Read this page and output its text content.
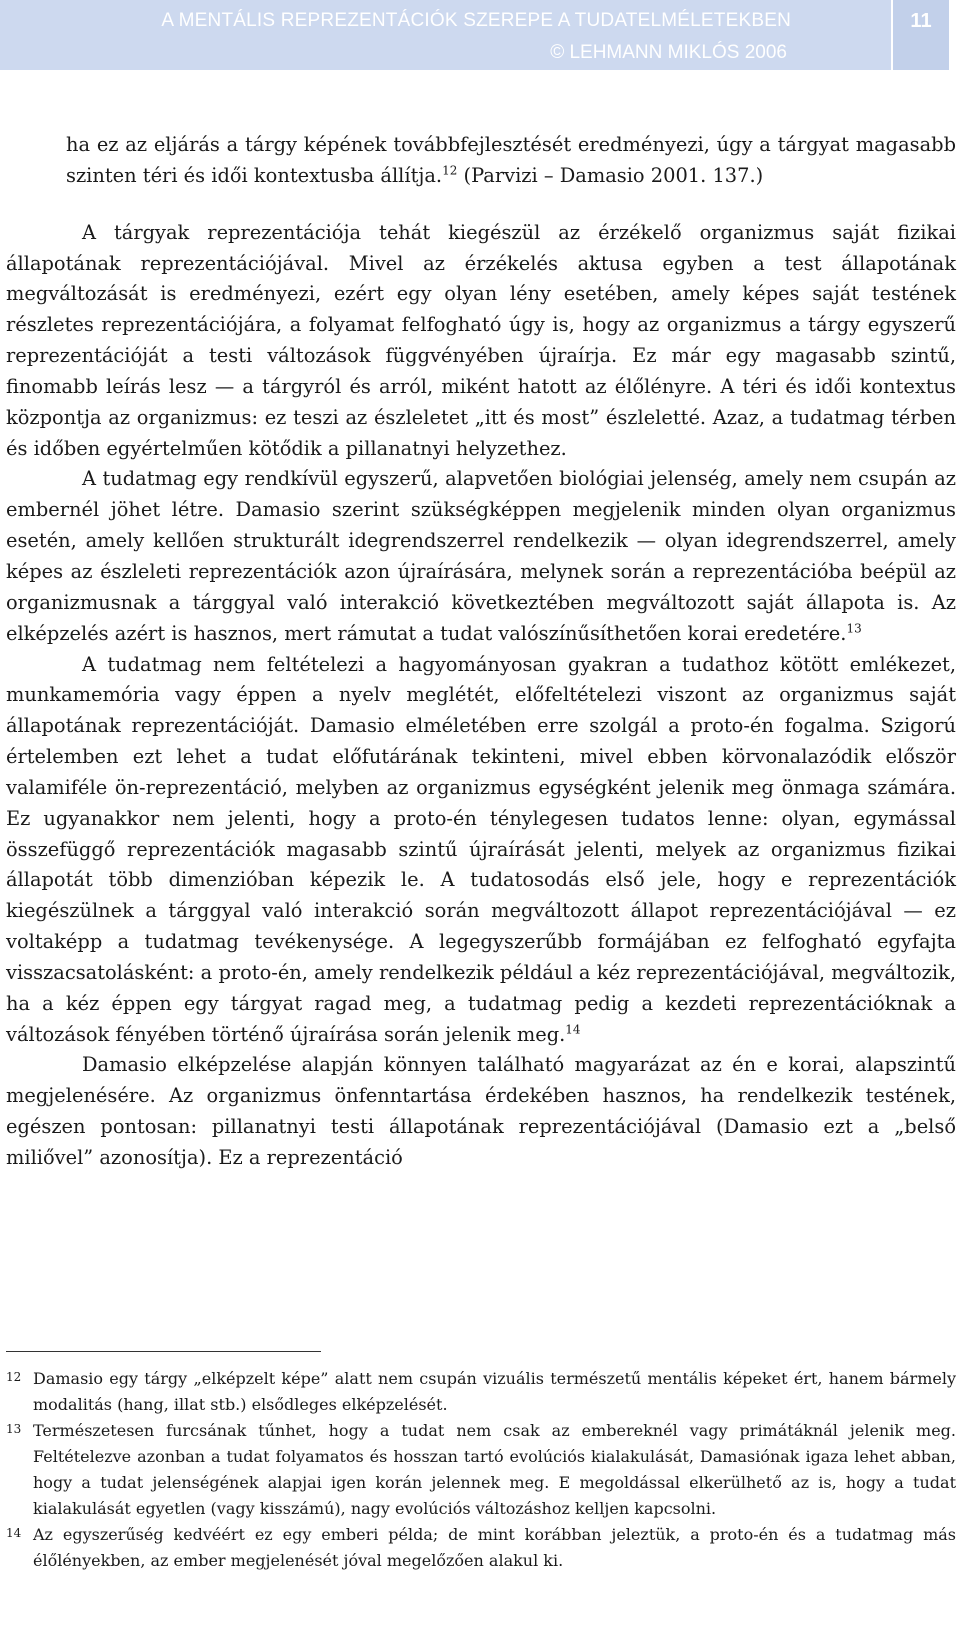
A MENTÁLIS REPREZENTÁCIÓK SZEREPE A TUDATELMÉLETEKBEN
© LEHMANN MIKLÓS 2006
11

ha ez az eljárás a tárgy képének továbbfejlesztését eredményezi, úgy a tárgyat magasabb szinten téri és idői kontextusba állítja.$^{12}$ (Parvizi – Damasio 2001. 137.)

A tárgyak reprezentációja tehát kiegészül az érzékelő organizmus saját fizikai állapotának reprezentációjával. Mivel az érzékelés aktusa egyben a test állapotának megváltozását is eredményezi, ezért egy olyan lény esetében, amely képes saját testének részletes reprezentációjára, a folyamat felfogható úgy is, hogy az organizmus a tárgy egyszerű reprezentációját a testi változások függvényében újraírja. Ez már egy magasabb szintű, finomabb leírás lesz — a tárgyról és arról, miként hatott az élőlényre. A téri és idői kontextus központja az organizmus: ez teszi az észleletet „itt és most” észleletté. Azaz, a tudatmag térben és időben egyértelműen kötődik a pillanatnyi helyzethez.

A tudatmag egy rendkívül egyszerű, alapvetően biológiai jelenség, amely nem csupán az embernél jöhet létre. Damasio szerint szükségképpen megjelenik minden olyan organizmus esetén, amely kellően strukturált idegrendszerrel rendelkezik — olyan idegrendszerrel, amely képes az észleleti reprezentációk azon újraírására, melynek során a reprezentációba beépül az organizmusnak a tárggyal való interakció következtében megváltozott saját állapota is. Az elképzelés azért is hasznos, mert rámutat a tudat valószínűsíthetően korai eredetére.$^{13}$

A tudatmag nem feltételezi a hagyományosan gyakran a tudathoz kötött emlékezet, munkamemória vagy éppen a nyelv meglétét, előfeltételezi viszont az organizmus saját állapotának reprezentációját. Damasio elméletében erre szolgál a proto-én fogalma. Szigorú értelemben ezt lehet a tudat előfutárának tekinteni, mivel ebben körvonalazódik először valamiféle ön-reprezentáció, melyben az organizmus egységként jelenik meg önmaga számára. Ez ugyanakkor nem jelenti, hogy a proto-én ténylegesen tudatos lenne: olyan, egymással összefüggő reprezentációk magasabb szintű újraírását jelenti, melyek az organizmus fizikai állapotát több dimenzióban képezik le. A tudatosodás első jele, hogy e reprezentációk kiegészülnek a tárggyal való interakció során megváltozott állapot reprezentációjával — ez voltaképp a tudatmag tevékenysége. A legegyszerűbb formájában ez felfogható egyfajta visszacsatolásként: a proto-én, amely rendelkezik például a kéz reprezentációjával, megváltozik, ha a kéz éppen egy tárgyat ragad meg, a tudatmag pedig a kezdeti reprezentációknak a változások fényében történő újraírása során jelenik meg.$^{14}$

Damasio elképzelése alapján könnyen található magyarázat az én e korai, alapszintű megjelenésére. Az organizmus önfenntartása érdekében hasznos, ha rendelkezik testének, egészen pontosan: pillanatnyi testi állapotának reprezentációjával (Damasio ezt a „belső miliővel” azonosítja). Ez a reprezentáció

12 Damasio egy tárgy „elképzelt képe” alatt nem csupán vizuális természetű mentális képeket ért, hanem bármely modalitás (hang, illat stb.) elsődleges elképzelését.
13 Természetesen furcsának tűnhet, hogy a tudat nem csak az embereknél vagy primátáknál jelenik meg. Feltételezve azonban a tudat folyamatos és hosszan tartó evolúciós kialakulását, Damasiónak igaza lehet abban, hogy a tudat jelenségének alapjai igen korán jelennek meg. E megoldással elkerülhető az is, hogy a tudat kialakulását egyetlen (vagy kisszámú), nagy evolúciós változáshoz kelljen kapcsolni.
14 Az egyszerűség kedvéért ez egy emberi példa; de mint korábban jeleztük, a proto-én és a tudatmag más élőlényekben, az ember megjelenését jóval megelőzően alakul ki.
